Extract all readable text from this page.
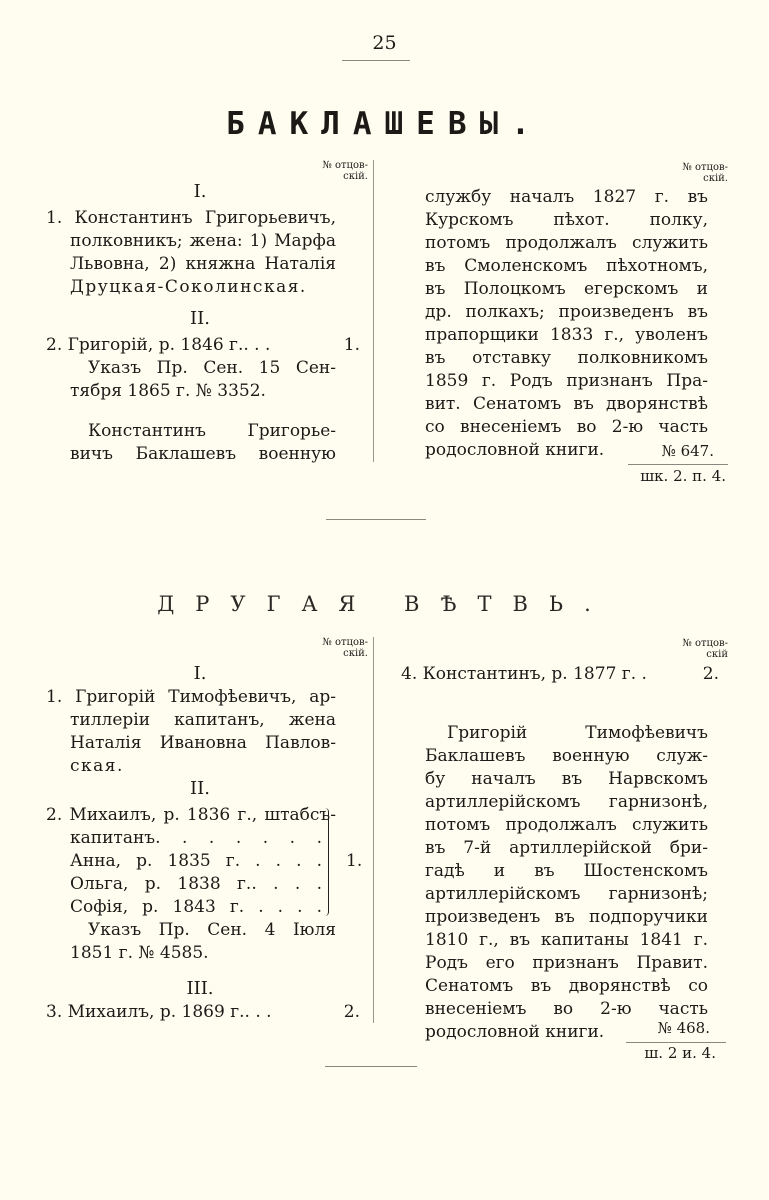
25
БАКЛАШЕВЫ.
№ отцов-
скій.
№ отцов-
скій.
I.
1. Константинъ Григорьевичъ,
полковникъ; жена: 1) Марфа
Львовна, 2) княжна Наталія
Друцкая-Соколинская.
II.
2. Григорій, р. 1846 г.. . .	1.
Указъ Пр. Сен. 15 Сен-
тября 1865 г. № 3352.
Константинъ Григорье-
вичъ Баклашевъ военную
службу началъ 1827 г. въ
Курскомъ пѣхот. полку,
потомъ продолжалъ служить
въ Смоленскомъ пѣхотномъ,
въ Полоцкомъ егерскомъ и
др. полкахъ; произведенъ въ
прапорщики 1833 г., уволенъ
въ отставку полковникомъ
1859 г. Родъ признанъ Пра-
вит. Сенатомъ въ дворянствѣ
со внесеніемъ во 2-ю часть
родословной книги.	№ 647.
шк. 2. п. 4.
ДРУГАЯ ВѢТВЬ.
№ отцов-
скій.
№ отцов-
скій
I.
1. Григорій Тимофѣевичъ, ар-
тиллеріи капитанъ, жена
Наталія Ивановна Павлов-
ская.
II.
2. Михаилъ, р. 1836 г., штабсъ-
капитанъ. . . . . . .
Анна, р. 1835 г. . . . .
Ольга, р. 1838 г.. . . .
Софія, р. 1843 г. . . . .
1.
Указъ Пр. Сен. 4 Іюля
1851 г. № 4585.
III.
3. Михаилъ, р. 1869 г.. . .	2.
4. Константинъ, р. 1877 г. .	2.
Григорій Тимофѣевичъ
Баклашевъ военную служ-
бу началъ въ Нарвскомъ
артиллерійскомъ гарнизонѣ,
потомъ продолжалъ служить
въ 7-й артиллерійской бри-
гадѣ и въ Шостенскомъ
артиллерійскомъ гарнизонѣ;
произведенъ въ подпоручики
1810 г., въ капитаны 1841 г.
Родъ его признанъ Правит.
Сенатомъ въ дворянствѣ со
внесеніемъ во 2-ю часть
родословной книги.	№ 468.
ш. 2 и. 4.
